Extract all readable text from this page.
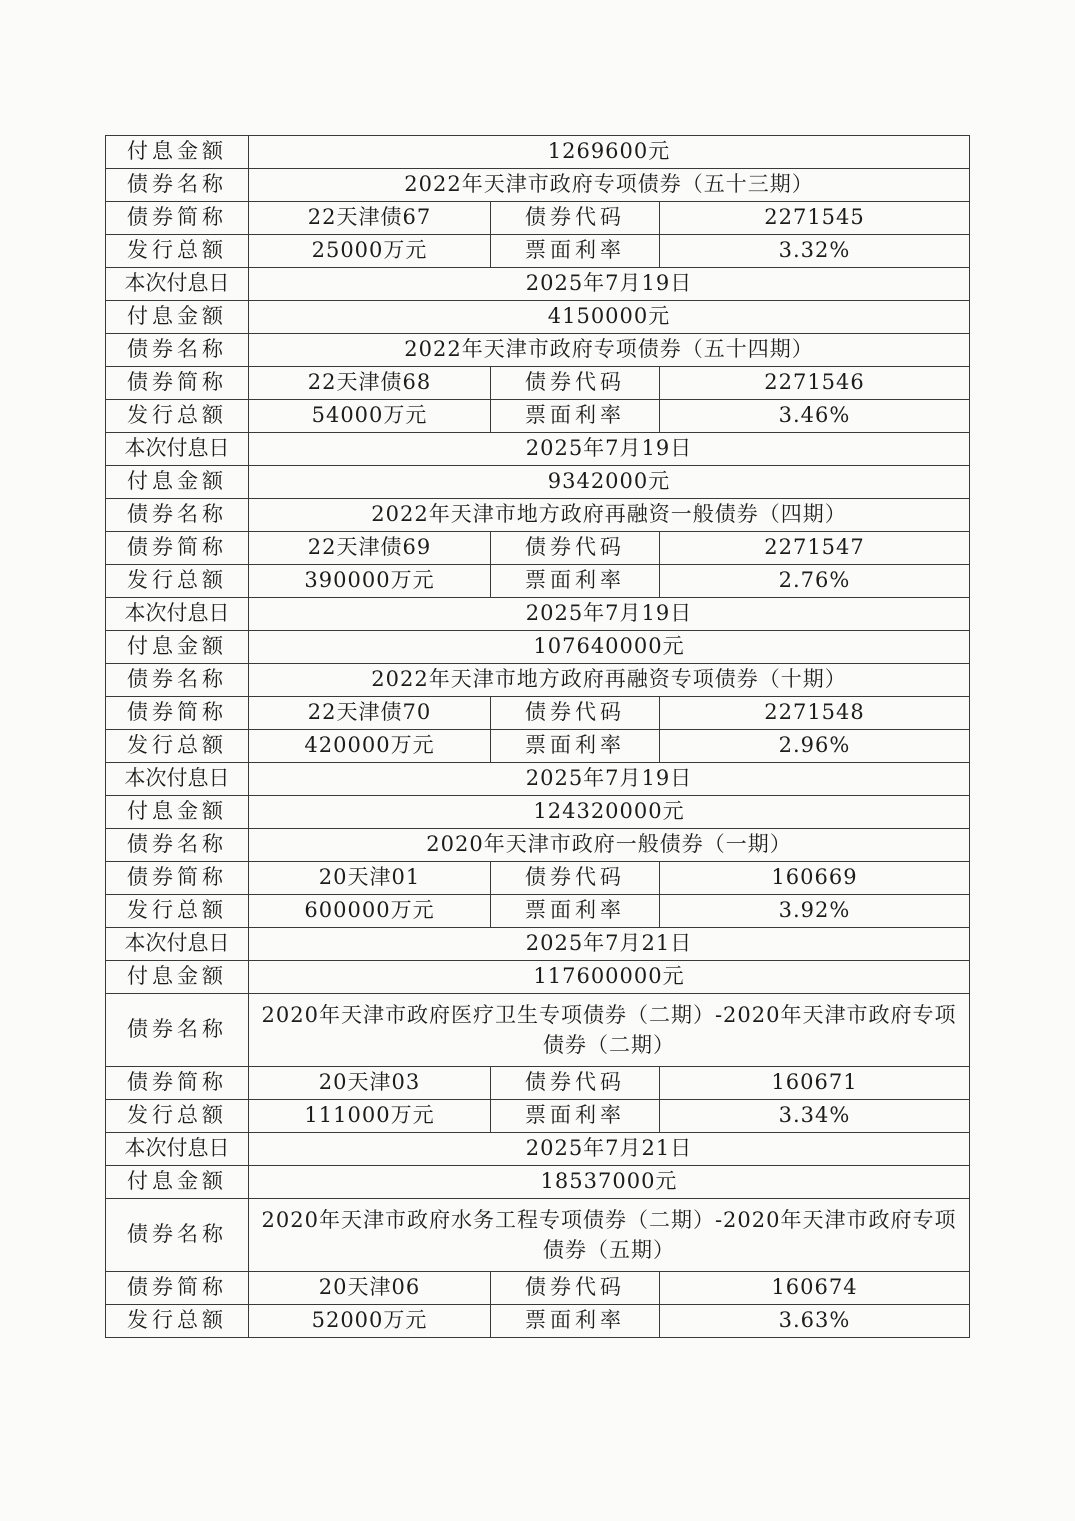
付息金额	1269600元		
债券名称	2022年天津市政府专项债券（五十三期）		
债券简称	22天津债67	债券代码	2271545
发行总额	25000万元	票面利率	3.32%
本次付息日	2025年7月19日		
付息金额	4150000元		
债券名称	2022年天津市政府专项债券（五十四期）		
债券简称	22天津债68	债券代码	2271546
发行总额	54000万元	票面利率	3.46%
本次付息日	2025年7月19日		
付息金额	9342000元		
债券名称	2022年天津市地方政府再融资一般债券（四期）		
债券简称	22天津债69	债券代码	2271547
发行总额	390000万元	票面利率	2.76%
本次付息日	2025年7月19日		
付息金额	107640000元		
债券名称	2022年天津市地方政府再融资专项债券（十期）		
债券简称	22天津债70	债券代码	2271548
发行总额	420000万元	票面利率	2.96%
本次付息日	2025年7月19日		
付息金额	124320000元		
债券名称	2020年天津市政府一般债券（一期）		
债券简称	20天津01	债券代码	160669
发行总额	600000万元	票面利率	3.92%
本次付息日	2025年7月21日		
付息金额	117600000元		
债券名称	2020年天津市政府医疗卫生专项债券（二期）-2020年天津市政府专项债券（二期）		
债券简称	20天津03	债券代码	160671
发行总额	111000万元	票面利率	3.34%
本次付息日	2025年7月21日		
付息金额	18537000元		
债券名称	2020年天津市政府水务工程专项债券（二期）-2020年天津市政府专项债券（五期）		
债券简称	20天津06	债券代码	160674
发行总额	52000万元	票面利率	3.63%
